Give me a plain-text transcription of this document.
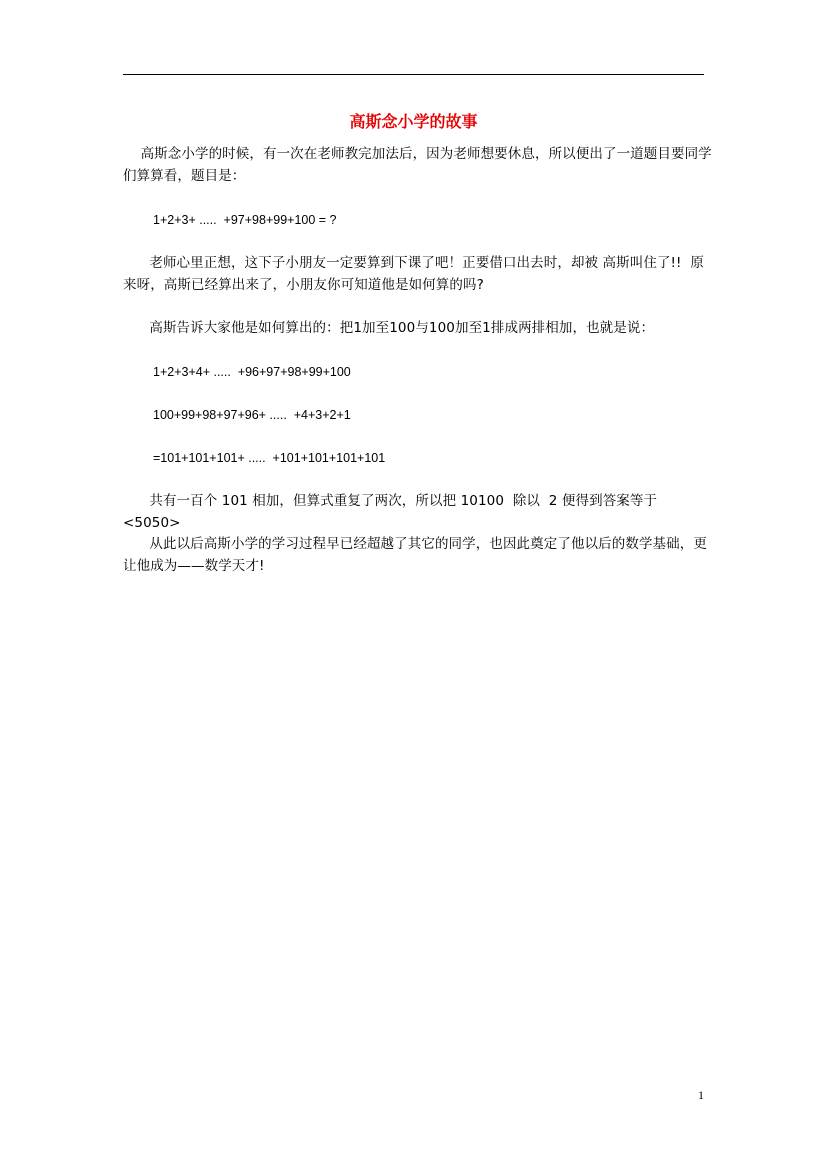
高斯念小学的故事
高斯念小学的时候，有一次在老师教完加法后，因为老师想要休息，所以便出了一道题目要同学们算算看，题目是：
1+2+3+ .....  +97+98+99+100 = ?
老师心里正想，这下子小朋友一定要算到下课了吧！正要借口出去时，却被 高斯叫住了!!  原来呀，高斯已经算出来了，小朋友你可知道他是如何算的吗?
高斯告诉大家他是如何算出的：把1加至100与100加至1排成两排相加，也就是说：
1+2+3+4+ .....  +96+97+98+99+100
100+99+98+97+96+ .....  +4+3+2+1
=101+101+101+ .....  +101+101+101+101
共有一百个 101 相加，但算式重复了两次，所以把 10100  除以  2 便得到答案等于 <5050>
从此以后高斯小学的学习过程早已经超越了其它的同学，也因此奠定了他以后的数学基础，更让他成为——数学天才!
1
